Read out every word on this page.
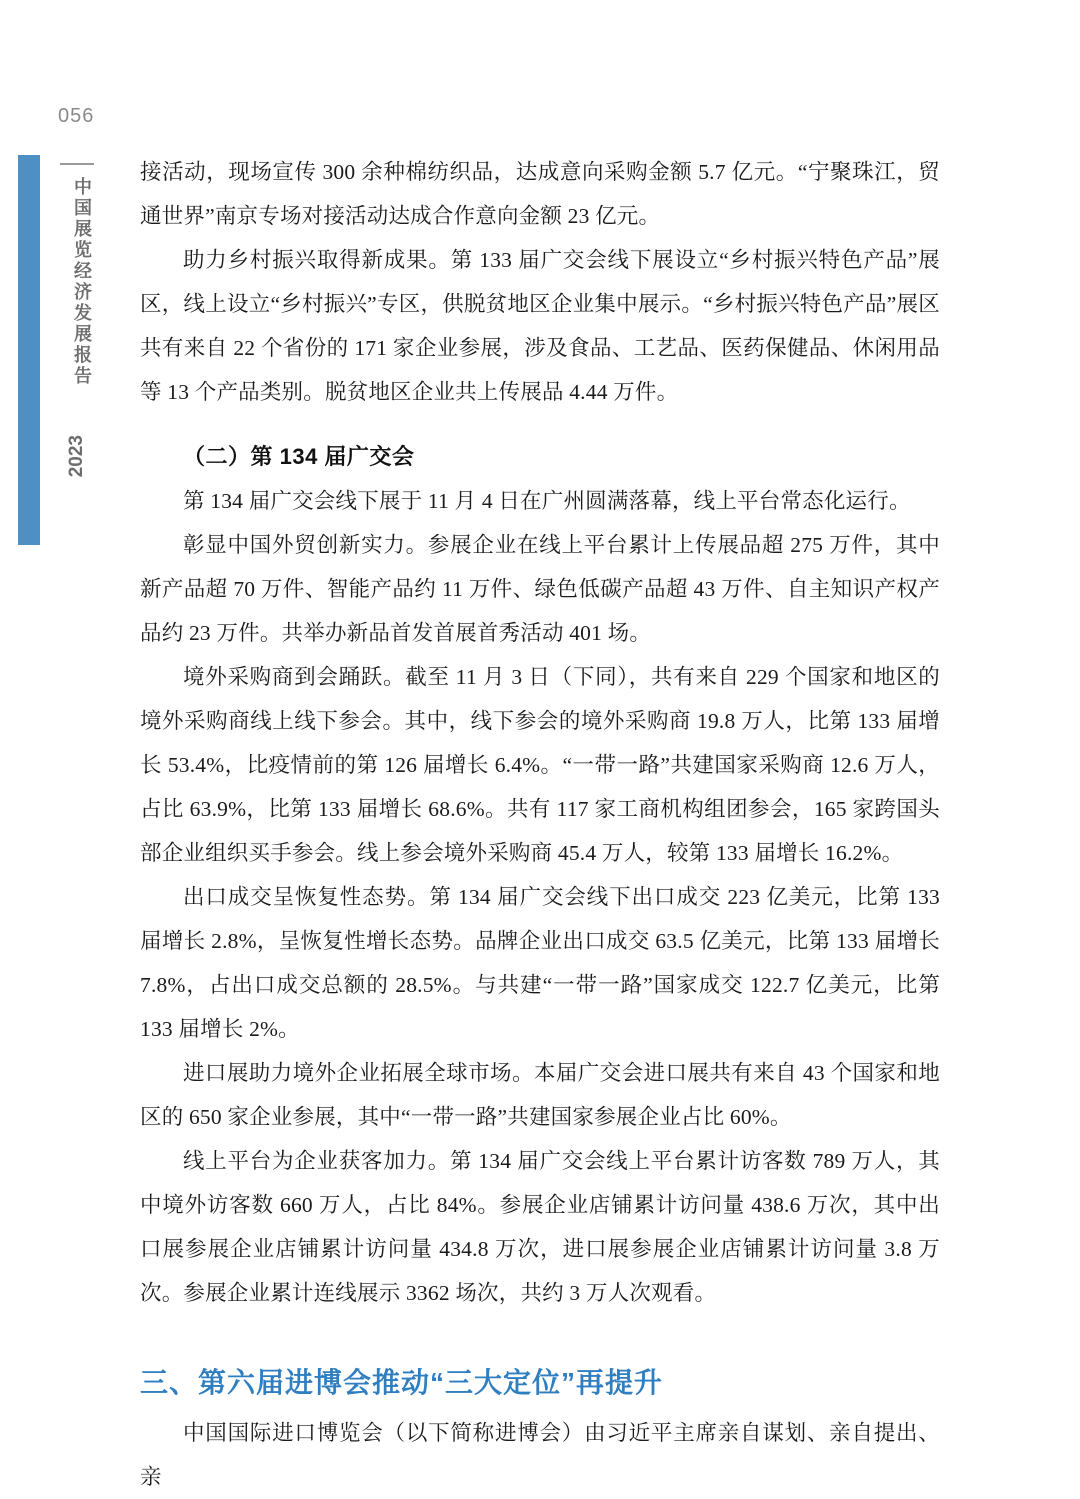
056
中国展览经济发展报告
2023

接活动，现场宣传 300 余种棉纺织品，达成意向采购金额 5.7 亿元。“宁聚珠江，贸通世界”南京专场对接活动达成合作意向金额 23 亿元。

助力乡村振兴取得新成果。第 133 届广交会线下展设立“乡村振兴特色产品”展区，线上设立“乡村振兴”专区，供脱贫地区企业集中展示。“乡村振兴特色产品”展区共有来自 22 个省份的 171 家企业参展，涉及食品、工艺品、医药保健品、休闲用品等 13 个产品类别。脱贫地区企业共上传展品 4.44 万件。

（二）第 134 届广交会

第 134 届广交会线下展于 11 月 4 日在广州圆满落幕，线上平台常态化运行。

彰显中国外贸创新实力。参展企业在线上平台累计上传展品超 275 万件，其中新产品超 70 万件、智能产品约 11 万件、绿色低碳产品超 43 万件、自主知识产权产品约 23 万件。共举办新品首发首展首秀活动 401 场。

境外采购商到会踊跃。截至 11 月 3 日（下同），共有来自 229 个国家和地区的境外采购商线上线下参会。其中，线下参会的境外采购商 19.8 万人，比第 133 届增长 53.4%，比疫情前的第 126 届增长 6.4%。“一带一路”共建国家采购商 12.6 万人，占比 63.9%，比第 133 届增长 68.6%。共有 117 家工商机构组团参会，165 家跨国头部企业组织买手参会。线上参会境外采购商 45.4 万人，较第 133 届增长 16.2%。

出口成交呈恢复性态势。第 134 届广交会线下出口成交 223 亿美元，比第 133 届增长 2.8%，呈恢复性增长态势。品牌企业出口成交 63.5 亿美元，比第 133 届增长 7.8%，占出口成交总额的 28.5%。与共建“一带一路”国家成交 122.7 亿美元，比第 133 届增长 2%。

进口展助力境外企业拓展全球市场。本届广交会进口展共有来自 43 个国家和地区的 650 家企业参展，其中“一带一路”共建国家参展企业占比 60%。

线上平台为企业获客加力。第 134 届广交会线上平台累计访客数 789 万人，其中境外访客数 660 万人，占比 84%。参展企业店铺累计访问量 438.6 万次，其中出口展参展企业店铺累计访问量 434.8 万次，进口展参展企业店铺累计访问量 3.8 万次。参展企业累计连线展示 3362 场次，共约 3 万人次观看。

三、第六届进博会推动“三大定位”再提升

中国国际进口博览会（以下简称进博会）由习近平主席亲自谋划、亲自提出、亲
